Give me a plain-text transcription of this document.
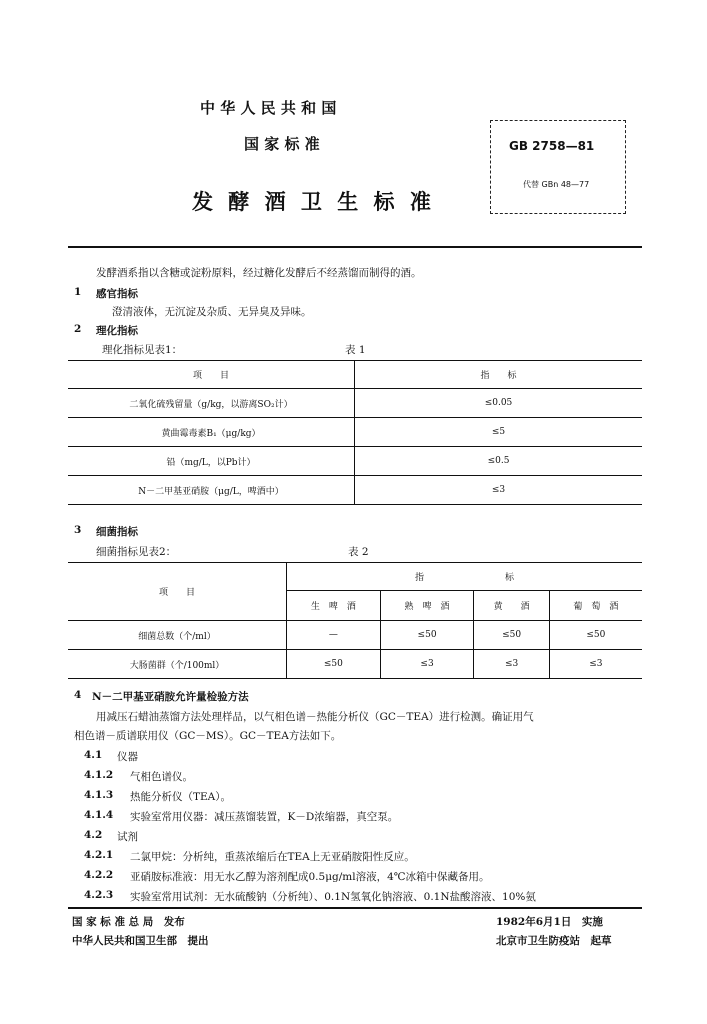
中 华 人 民 共 和 国
国 家 标 准
发 酵 酒 卫 生 标 准
GB 2758—81
代替 GBn 48—77
发酵酒系指以含糖或淀粉原料，经过糖化发酵后不经蒸馏而制得的酒。
1 感官指标
澄清液体，无沉淀及杂质、无异臭及异味。
2 理化指标
理化指标见表1：	表 1
项　　目	指　　标
二氧化硫残留量（g/kg，以游离SO₂计）	≤0.05
黄曲霉毒素B₁（μg/kg）	≤5
铅（mg/L，以Pb计）	≤0.5
N－二甲基亚硝胺（μg/L，啤酒中）	≤3
3 细菌指标
细菌指标见表2：	表 2
项　　目	指　　　　　　　　　标			
	生　啤　酒	熟　啤　酒	黄　　酒	葡　萄　酒
细菌总数（个/ml）	—	≤50	≤50	≤50
大肠菌群（个/100ml）	≤50	≤3	≤3	≤3
4 N－二甲基亚硝胺允许量检验方法
用减压石蜡油蒸馏方法处理样品，以气相色谱－热能分析仪（GC－TEA）进行检测。确证用气
相色谱－质谱联用仪（GC－MS）。GC－TEA方法如下。
4.1 仪器
4.1.2 气相色谱仪。
4.1.3 热能分析仪（TEA）。
4.1.4 实验室常用仪器：减压蒸馏装置，K－D浓缩器，真空泵。
4.2 试剂
4.2.1 二氯甲烷：分析纯，重蒸浓缩后在TEA上无亚硝胺阳性反应。
4.2.2 亚硝胺标准液：用无水乙醇为溶剂配成0.5μg/ml溶液，4℃冰箱中保藏备用。
4.2.3 实验室常用试剂：无水硫酸钠（分析纯）、0.1N氢氧化钠溶液、0.1N盐酸溶液、10%氨
国 家 标 准 总 局　发布
中华人民共和国卫生部　提出
1982年6月1日　实施
北京市卫生防疫站　起草
